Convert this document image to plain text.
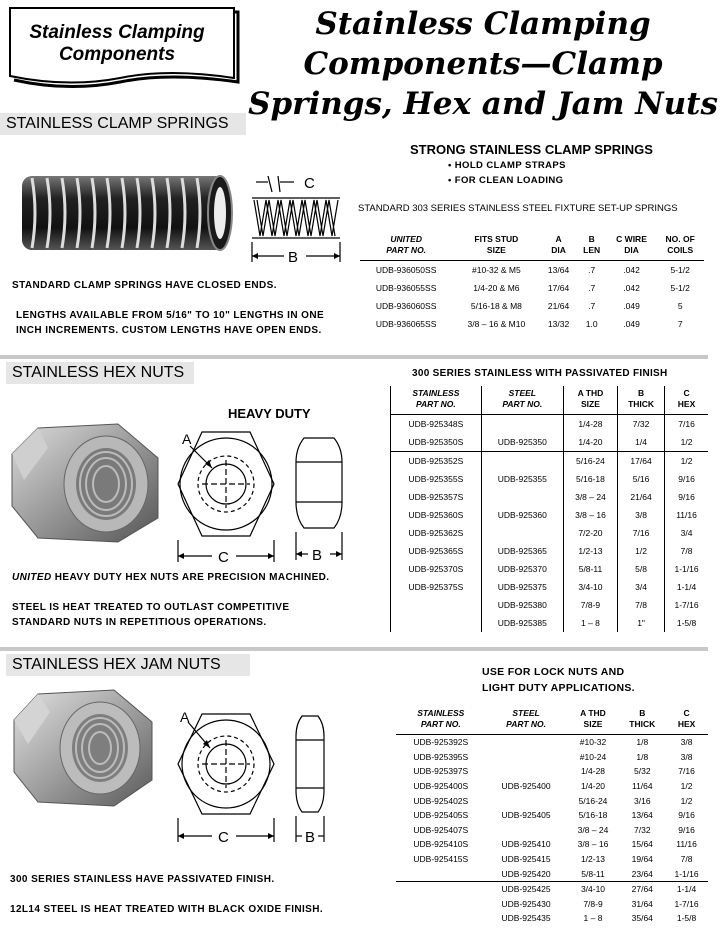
Stainless Clamping
Components
Stainless Clamping
Components—Clamp
Springs, Hex and Jam Nuts
STAINLESS CLAMP SPRINGS
C
B
STRONG STAINLESS CLAMP SPRINGS
• HOLD CLAMP STRAPS
• FOR CLEAN LOADING
STANDARD 303 SERIES STAINLESS STEEL FIXTURE SET-UP SPRINGS
UNITED
PART NO.	FITS STUD
SIZE	A
DIA	B
LEN	C WIRE
DIA	NO. OF
COILS
UDB-936050SS	#10-32 & M5	13/64	.7	.042	5-1/2
UDB-936055SS	1/4-20 & M6	17/64	.7	.042	5-1/2
UDB-936060SS	5/16-18 & M8	21/64	.7	.049	5
UDB-936065SS	3/8 – 16 & M10	13/32	1.0	.049	7
STANDARD CLAMP SPRINGS HAVE CLOSED ENDS.
LENGTHS AVAILABLE FROM 5/16" TO 10" LENGTHS IN ONE
INCH INCREMENTS. CUSTOM LENGTHS HAVE OPEN ENDS.
STAINLESS HEX NUTS	300 SERIES STAINLESS WITH PASSIVATED FINISH
HEAVY DUTY
A
C	B
STAINLESS
PART NO.	STEEL
PART NO.	A THD
SIZE	B
THICK	C
HEX
UDB-925348S		1/4-28	7/32	7/16
UDB-925350S	UDB-925350	1/4-20	1/4	1/2
UDB-925352S		5/16-24	17/64	1/2
UDB-925355S	UDB-925355	5/16-18	5/16	9/16
UDB-925357S		3/8 – 24	21/64	9/16
UDB-925360S	UDB-925360	3/8 – 16	3/8	11/16
UDB-925362S		7/2-20	7/16	3/4
UDB-925365S	UDB-925365	1/2-13	1/2	7/8
UDB-925370S	UDB-925370	5/8-11	5/8	1-1/16
UDB-925375S	UDB-925375	3/4-10	3/4	1-1/4
	UDB-925380	7/8-9	7/8	1-7/16
	UDB-925385	1 – 8	1"	1-5/8
UNITED HEAVY DUTY HEX NUTS ARE PRECISION MACHINED.
STEEL IS HEAT TREATED TO OUTLAST COMPETITIVE
STANDARD NUTS IN REPETITIOUS OPERATIONS.
STAINLESS HEX JAM NUTS	USE FOR LOCK NUTS AND
LIGHT DUTY APPLICATIONS.
A
C	B
STAINLESS
PART NO.	STEEL
PART NO.	A THD
SIZE	B
THICK	C
HEX
UDB-925392S		#10-32	1/8	3/8
UDB-925395S		#10-24	1/8	3/8
UDB-925397S		1/4-28	5/32	7/16
UDB-925400S	UDB-925400	1/4-20	11/64	1/2
UDB-925402S		5/16-24	3/16	1/2
UDB-925405S	UDB-925405	5/16-18	13/64	9/16
UDB-925407S		3/8 – 24	7/32	9/16
UDB-925410S	UDB-925410	3/8 – 16	15/64	11/16
UDB-925415S	UDB-925415	1/2-13	19/64	7/8
	UDB-925420	5/8-11	23/64	1-1/16
	UDB-925425	3/4-10	27/64	1-1/4
	UDB-925430	7/8-9	31/64	1-7/16
	UDB-925435	1 – 8	35/64	1-5/8
300 SERIES STAINLESS HAVE PASSIVATED FINISH.
12L14 STEEL IS HEAT TREATED WITH BLACK OXIDE FINISH.
